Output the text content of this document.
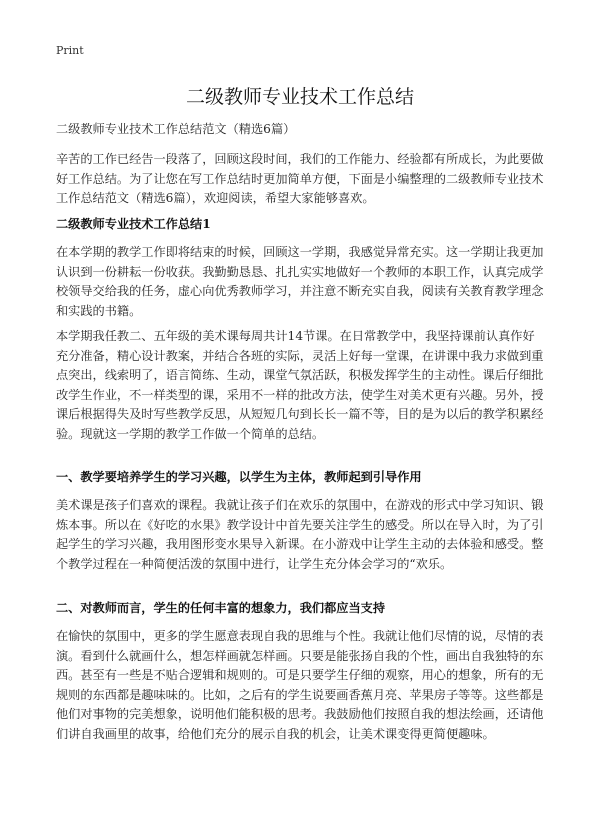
Print
二级教师专业技术工作总结
二级教师专业技术工作总结范文（精选6篇）
辛苦的工作已经告一段落了，回顾这段时间，我们的工作能力、经验都有所成长，为此要做好工作总结。为了让您在写工作总结时更加简单方便，下面是小编整理的二级教师专业技术工作总结范文（精选6篇），欢迎阅读，希望大家能够喜欢。
二级教师专业技术工作总结1
在本学期的教学工作即将结束的时候，回顾这一学期，我感觉异常充实。这一学期让我更加认识到一份耕耘一份收获。我勤勤恳恳、扎扎实实地做好一个教师的本职工作，认真完成学校领导交给我的任务，虚心向优秀教师学习，并注意不断充实自我，阅读有关教育教学理念和实践的书籍。
本学期我任教二、五年级的美术课每周共计14节课。在日常教学中，我坚持课前认真作好充分准备，精心设计教案，并结合各班的实际，灵活上好每一堂课，在讲课中我力求做到重点突出，线索明了，语言简练、生动，课堂气氛活跃，积极发挥学生的主动性。课后仔细批改学生作业，不一样类型的课，采用不一样的批改方法，使学生对美术更有兴趣。另外，授课后根据得失及时写些教学反思，从短短几句到长长一篇不等，目的是为以后的教学积累经验。现就这一学期的教学工作做一个简单的总结。
一、教学要培养学生的学习兴趣，以学生为主体，教师起到引导作用
美术课是孩子们喜欢的课程。我就让孩子们在欢乐的氛围中，在游戏的形式中学习知识、锻炼本事。所以在《好吃的水果》教学设计中首先要关注学生的感受。所以在导入时，为了引起学生的学习兴趣，我用图形变水果导入新课。在小游戏中让学生主动的去体验和感受。整个教学过程在一种简便活泼的氛围中进行，让学生充分体会学习的“欢乐。
二、对教师而言，学生的任何丰富的想象力，我们都应当支持
在愉快的氛围中，更多的学生愿意表现自我的思维与个性。我就让他们尽情的说，尽情的表演。看到什么就画什么，想怎样画就怎样画。只要是能张扬自我的个性，画出自我独特的东西。甚至有一些是不贴合逻辑和规则的。可是只要学生仔细的观察，用心的想象，所有的无规则的东西都是趣味味的。比如，之后有的学生说要画香蕉月亮、苹果房子等等。这些都是他们对事物的完美想象，说明他们能积极的思考。我鼓励他们按照自我的想法绘画，还请他们讲自我画里的故事，给他们充分的展示自我的机会，让美术课变得更简便趣味。
